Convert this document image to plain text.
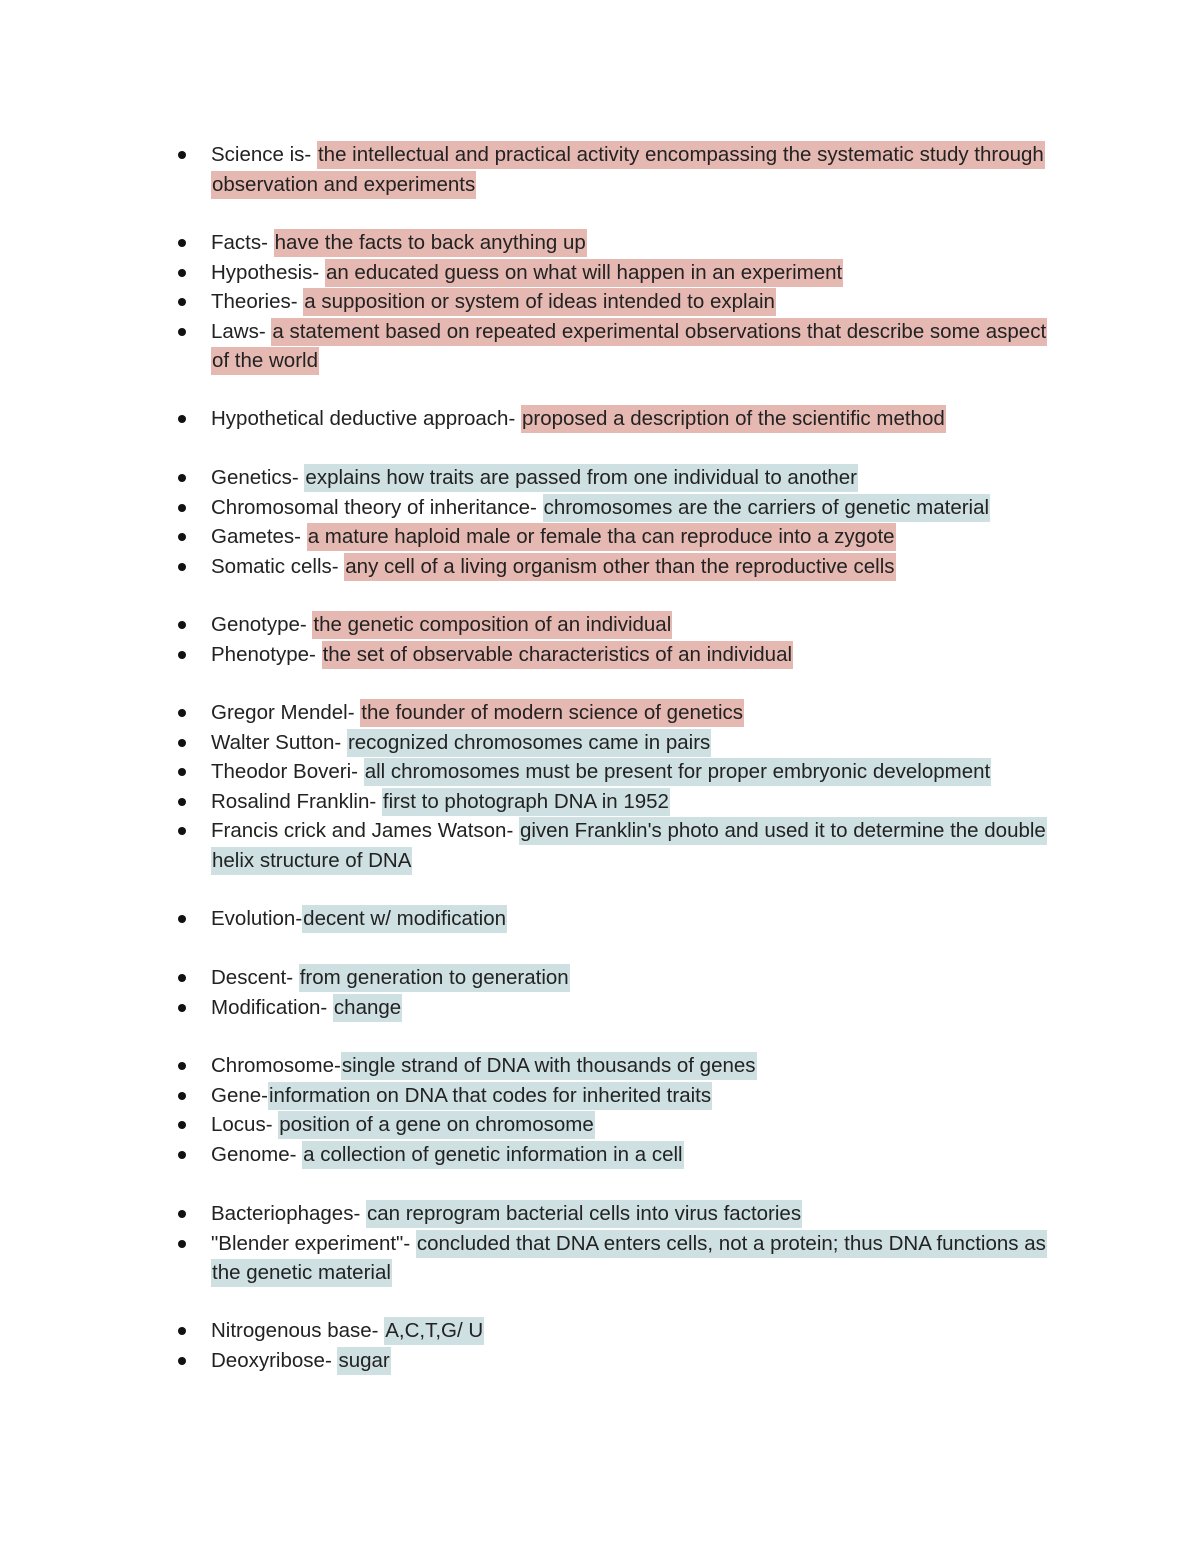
Science is- the intellectual and practical activity encompassing the systematic study through observation and experiments
Facts- have the facts to back anything up
Hypothesis- an educated guess on what will happen in an experiment
Theories- a supposition or system of ideas intended to explain
Laws- a statement based on repeated experimental observations that describe some aspect of the world
Hypothetical deductive approach- proposed a description of the scientific method
Genetics- explains how traits are passed from one individual to another
Chromosomal theory of inheritance- chromosomes are the carriers of genetic material
Gametes- a mature haploid male or female tha can reproduce into a zygote
Somatic cells- any cell of a living organism other than the reproductive cells
Genotype- the genetic composition of an individual
Phenotype- the set of observable characteristics of an individual
Gregor Mendel- the founder of modern science of genetics
Walter Sutton- recognized chromosomes came in pairs
Theodor Boveri- all chromosomes must be present for proper embryonic development
Rosalind Franklin- first to photograph DNA in 1952
Francis crick and James Watson- given Franklin's photo and used it to determine the double helix structure of DNA
Evolution-decent w/ modification
Descent- from generation to generation
Modification- change
Chromosome-single strand of DNA with thousands of genes
Gene-information on DNA that codes for inherited traits
Locus- position of a gene on chromosome
Genome- a collection of genetic information in a cell
Bacteriophages- can reprogram bacterial cells into virus factories
"Blender experiment"- concluded that DNA enters cells, not a protein; thus DNA functions as the genetic material
Nitrogenous base- A,C,T,G/ U
Deoxyribose- sugar
